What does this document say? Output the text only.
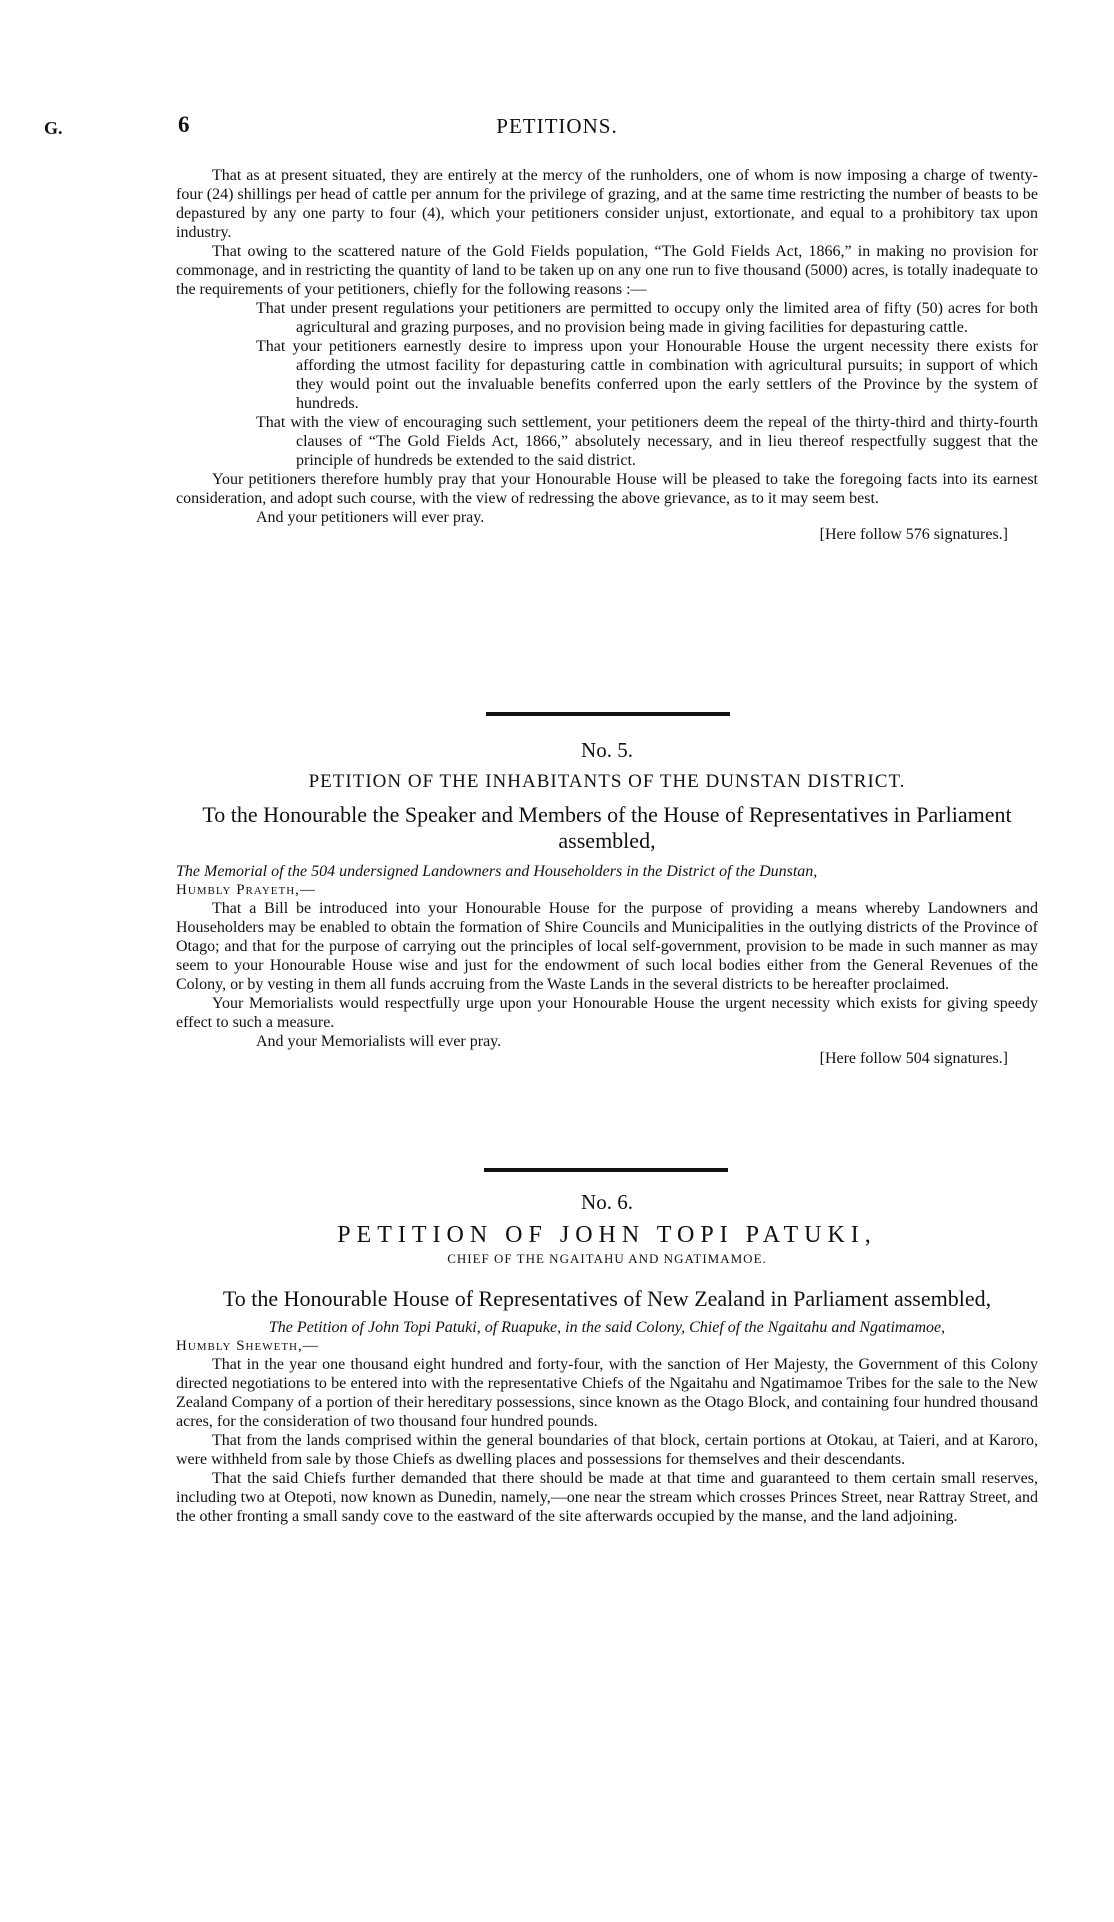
G.	6	PETITIONS.

That as at present situated, they are entirely at the mercy of the runholders, one of whom is now imposing a charge of twenty-four (24) shillings per head of cattle per annum for the privilege of grazing, and at the same time restricting the number of beasts to be depastured by any one party to four (4), which your petitioners consider unjust, extortionate, and equal to a prohibitory tax upon industry.

That owing to the scattered nature of the Gold Fields population, “The Gold Fields Act, 1866,” in making no provision for commonage, and in restricting the quantity of land to be taken up on any one run to five thousand (5000) acres, is totally inadequate to the requirements of your petitioners, chiefly for the following reasons :—

That under present regulations your petitioners are permitted to occupy only the limited area of fifty (50) acres for both agricultural and grazing purposes, and no provision being made in giving facilities for depasturing cattle.

That your petitioners earnestly desire to impress upon your Honourable House the urgent necessity there exists for affording the utmost facility for depasturing cattle in combination with agricultural pursuits; in support of which they would point out the invaluable benefits conferred upon the early settlers of the Province by the system of hundreds.

That with the view of encouraging such settlement, your petitioners deem the repeal of the thirty-third and thirty-fourth clauses of “The Gold Fields Act, 1866,” absolutely necessary, and in lieu thereof respectfully suggest that the principle of hundreds be extended to the said district.

Your petitioners therefore humbly pray that your Honourable House will be pleased to take the foregoing facts into its earnest consideration, and adopt such course, with the view of redressing the above grievance, as to it may seem best.

And your petitioners will ever pray.

[Here follow 576 signatures.]

No. 5.
PETITION OF THE INHABITANTS OF THE DUNSTAN DISTRICT.
To the Honourable the Speaker and Members of the House of Representatives in Parliament assembled,
The Memorial of the 504 undersigned Landowners and Householders in the District of the Dunstan,
Humbly Prayeth,—

That a Bill be introduced into your Honourable House for the purpose of providing a means whereby Landowners and Householders may be enabled to obtain the formation of Shire Councils and Municipalities in the outlying districts of the Province of Otago; and that for the purpose of carrying out the principles of local self-government, provision to be made in such manner as may seem to your Honourable House wise and just for the endowment of such local bodies either from the General Revenues of the Colony, or by vesting in them all funds accruing from the Waste Lands in the several districts to be hereafter proclaimed.

Your Memorialists would respectfully urge upon your Honourable House the urgent necessity which exists for giving speedy effect to such a measure.

And your Memorialists will ever pray.

[Here follow 504 signatures.]

No. 6.
PETITION OF JOHN TOPI PATUKI,
CHIEF OF THE NGAITAHU AND NGATIMAMOE.
To the Honourable House of Representatives of New Zealand in Parliament assembled,
The Petition of John Topi Patuki, of Ruapuke, in the said Colony, Chief of the Ngaitahu and Ngatimamoe,
Humbly Sheweth,—

That in the year one thousand eight hundred and forty-four, with the sanction of Her Majesty, the Government of this Colony directed negotiations to be entered into with the representative Chiefs of the Ngaitahu and Ngatimamoe Tribes for the sale to the New Zealand Company of a portion of their hereditary possessions, since known as the Otago Block, and containing four hundred thousand acres, for the consideration of two thousand four hundred pounds.

That from the lands comprised within the general boundaries of that block, certain portions at Otokau, at Taieri, and at Karoro, were withheld from sale by those Chiefs as dwelling places and possessions for themselves and their descendants.

That the said Chiefs further demanded that there should be made at that time and guaranteed to them certain small reserves, including two at Otepoti, now known as Dunedin, namely,—one near the stream which crosses Princes Street, near Rattray Street, and the other fronting a small sandy cove to the eastward of the site afterwards occupied by the manse, and the land adjoining.
